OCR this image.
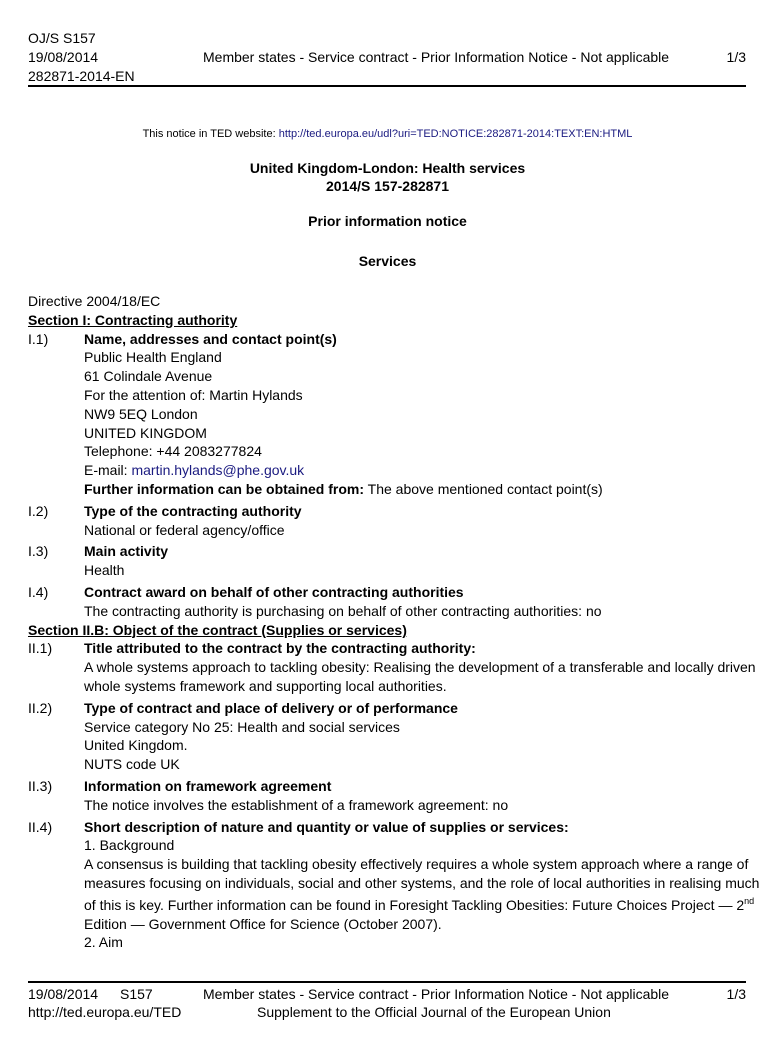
OJ/S S157
19/08/2014
282871-2014-EN
Member states - Service contract - Prior Information Notice - Not applicable	1/3
This notice in TED website: http://ted.europa.eu/udl?uri=TED:NOTICE:282871-2014:TEXT:EN:HTML
United Kingdom-London: Health services
2014/S 157-282871
Prior information notice
Services
Directive 2004/18/EC
Section I: Contracting authority
I.1)	Name, addresses and contact point(s)
Public Health England
61 Colindale Avenue
For the attention of: Martin Hylands
NW9 5EQ London
UNITED KINGDOM
Telephone: +44 2083277824
E-mail: martin.hylands@phe.gov.uk
Further information can be obtained from: The above mentioned contact point(s)
I.2)	Type of the contracting authority
National or federal agency/office
I.3)	Main activity
Health
I.4)	Contract award on behalf of other contracting authorities
The contracting authority is purchasing on behalf of other contracting authorities: no
Section II.B: Object of the contract (Supplies or services)
II.1)	Title attributed to the contract by the contracting authority:
A whole systems approach to tackling obesity: Realising the development of a transferable and locally driven
whole systems framework and supporting local authorities.
II.2)	Type of contract and place of delivery or of performance
Service category No 25: Health and social services
United Kingdom.
NUTS code UK
II.3)	Information on framework agreement
The notice involves the establishment of a framework agreement: no
II.4)	Short description of nature and quantity or value of supplies or services:
1. Background
A consensus is building that tackling obesity effectively requires a whole system approach where a range of
measures focusing on individuals, social and other systems, and the role of local authorities in realising much
of this is key. Further information can be found in Foresight Tackling Obesities: Future Choices Project — 2nd
Edition — Government Office for Science (October 2007).
2. Aim
19/08/2014 S157
http://ted.europa.eu/TED
Member states - Service contract - Prior Information Notice - Not applicable
Supplement to the Official Journal of the European Union
1/3
